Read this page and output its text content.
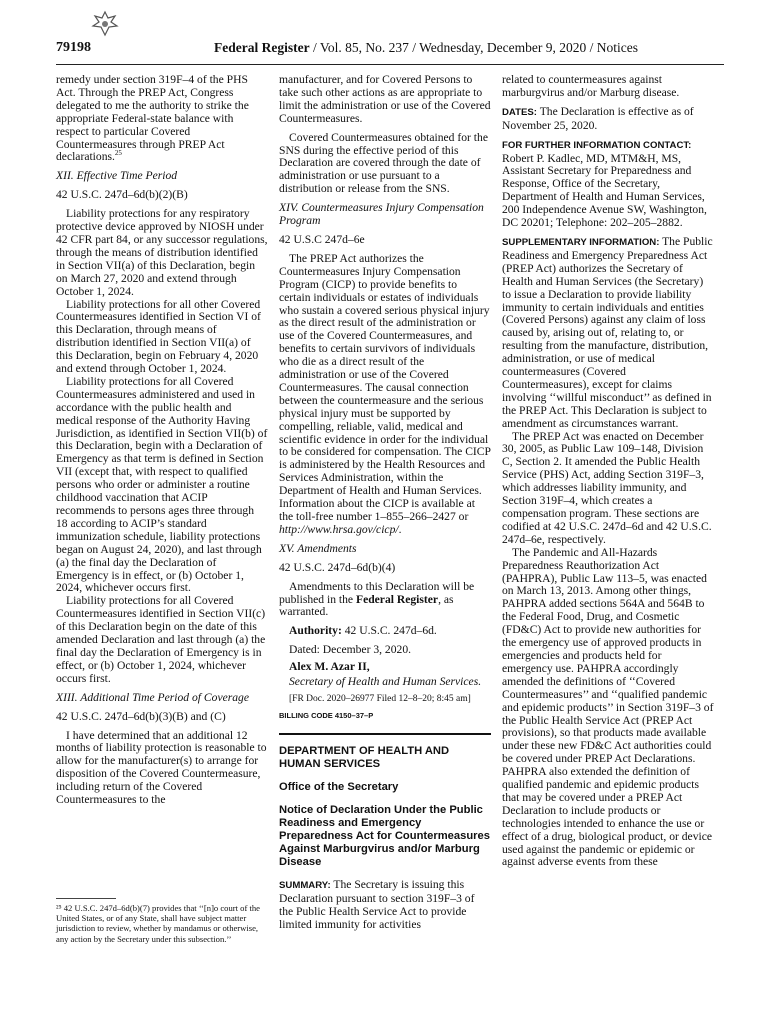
79198	Federal Register / Vol. 85, No. 237 / Wednesday, December 9, 2020 / Notices

remedy under section 319F–4 of the PHS Act. Through the PREP Act, Congress delegated to me the authority to strike the appropriate Federal-state balance with respect to particular Covered Countermeasures through PREP Act declarations.$^{25}$

XII. Effective Time Period

42 U.S.C. 247d–6d(b)(2)(B)

Liability protections for any respiratory protective device approved by NIOSH under 42 CFR part 84, or any successor regulations, through the means of distribution identified in Section VII(a) of this Declaration, begin on March 27, 2020 and extend through October 1, 2024.

Liability protections for all other Covered Countermeasures identified in Section VI of this Declaration, through means of distribution identified in Section VII(a) of this Declaration, begin on February 4, 2020 and extend through October 1, 2024.

Liability protections for all Covered Countermeasures administered and used in accordance with the public health and medical response of the Authority Having Jurisdiction, as identified in Section VII(b) of this Declaration, begin with a Declaration of Emergency as that term is defined in Section VII (except that, with respect to qualified persons who order or administer a routine childhood vaccination that ACIP recommends to persons ages three through 18 according to ACIP’s standard immunization schedule, liability protections began on August 24, 2020), and last through (a) the final day the Declaration of Emergency is in effect, or (b) October 1, 2024, whichever occurs first.

Liability protections for all Covered Countermeasures identified in Section VII(c) of this Declaration begin on the date of this amended Declaration and last through (a) the final day the Declaration of Emergency is in effect, or (b) October 1, 2024, whichever occurs first.

XIII. Additional Time Period of Coverage

42 U.S.C. 247d–6d(b)(3)(B) and (C)

I have determined that an additional 12 months of liability protection is reasonable to allow for the manufacturer(s) to arrange for disposition of the Covered Countermeasure, including return of the Covered Countermeasures to the

²⁵ 42 U.S.C. 247d–6d(b)(7) provides that ‘‘[n]o court of the United States, or of any State, shall have subject matter jurisdiction to review, whether by mandamus or otherwise, any action by the Secretary under this subsection.’’

manufacturer, and for Covered Persons to take such other actions as are appropriate to limit the administration or use of the Covered Countermeasures.

Covered Countermeasures obtained for the SNS during the effective period of this Declaration are covered through the date of administration or use pursuant to a distribution or release from the SNS.

XIV. Countermeasures Injury Compensation Program

42 U.S.C 247d–6e

The PREP Act authorizes the Countermeasures Injury Compensation Program (CICP) to provide benefits to certain individuals or estates of individuals who sustain a covered serious physical injury as the direct result of the administration or use of the Covered Countermeasures, and benefits to certain survivors of individuals who die as a direct result of the administration or use of the Covered Countermeasures. The causal connection between the countermeasure and the serious physical injury must be supported by compelling, reliable, valid, medical and scientific evidence in order for the individual to be considered for compensation. The CICP is administered by the Health Resources and Services Administration, within the Department of Health and Human Services. Information about the CICP is available at the toll-free number 1–855–266–2427 or http://www.hrsa.gov/cicp/.

XV. Amendments

42 U.S.C. 247d–6d(b)(4)

Amendments to this Declaration will be published in the Federal Register, as warranted.

Authority: 42 U.S.C. 247d–6d.

Dated: December 3, 2020.

Alex M. Azar II,

Secretary of Health and Human Services.

[FR Doc. 2020–26977 Filed 12–8–20; 8:45 am]

BILLING CODE 4150–37–P

DEPARTMENT OF HEALTH AND HUMAN SERVICES

Office of the Secretary

Notice of Declaration Under the Public Readiness and Emergency Preparedness Act for Countermeasures Against Marburgvirus and/or Marburg Disease

SUMMARY: The Secretary is issuing this Declaration pursuant to section 319F–3 of the Public Health Service Act to provide limited immunity for activities

related to countermeasures against marburgvirus and/or Marburg disease.

DATES: The Declaration is effective as of November 25, 2020.

FOR FURTHER INFORMATION CONTACT:

Robert P. Kadlec, MD, MTM&H, MS, Assistant Secretary for Preparedness and Response, Office of the Secretary, Department of Health and Human Services, 200 Independence Avenue SW, Washington, DC 20201; Telephone: 202–205–2882.

SUPPLEMENTARY INFORMATION: The Public Readiness and Emergency Preparedness Act (PREP Act) authorizes the Secretary of Health and Human Services (the Secretary) to issue a Declaration to provide liability immunity to certain individuals and entities (Covered Persons) against any claim of loss caused by, arising out of, relating to, or resulting from the manufacture, distribution, administration, or use of medical countermeasures (Covered Countermeasures), except for claims involving ‘‘willful misconduct’’ as defined in the PREP Act. This Declaration is subject to amendment as circumstances warrant.

The PREP Act was enacted on December 30, 2005, as Public Law 109–148, Division C, Section 2. It amended the Public Health Service (PHS) Act, adding Section 319F–3, which addresses liability immunity, and Section 319F–4, which creates a compensation program. These sections are codified at 42 U.S.C. 247d–6d and 42 U.S.C. 247d–6e, respectively.

The Pandemic and All-Hazards Preparedness Reauthorization Act (PAHPRA), Public Law 113–5, was enacted on March 13, 2013. Among other things, PAHPRA added sections 564A and 564B to the Federal Food, Drug, and Cosmetic (FD&C) Act to provide new authorities for the emergency use of approved products in emergencies and products held for emergency use. PAHPRA accordingly amended the definitions of ‘‘Covered Countermeasures’’ and ‘‘qualified pandemic and epidemic products’’ in Section 319F–3 of the Public Health Service Act (PREP Act provisions), so that products made available under these new FD&C Act authorities could be covered under PREP Act Declarations. PAHPRA also extended the definition of qualified pandemic and epidemic products that may be covered under a PREP Act Declaration to include products or technologies intended to enhance the use or effect of a drug, biological product, or device used against the pandemic or epidemic or against adverse events from these
